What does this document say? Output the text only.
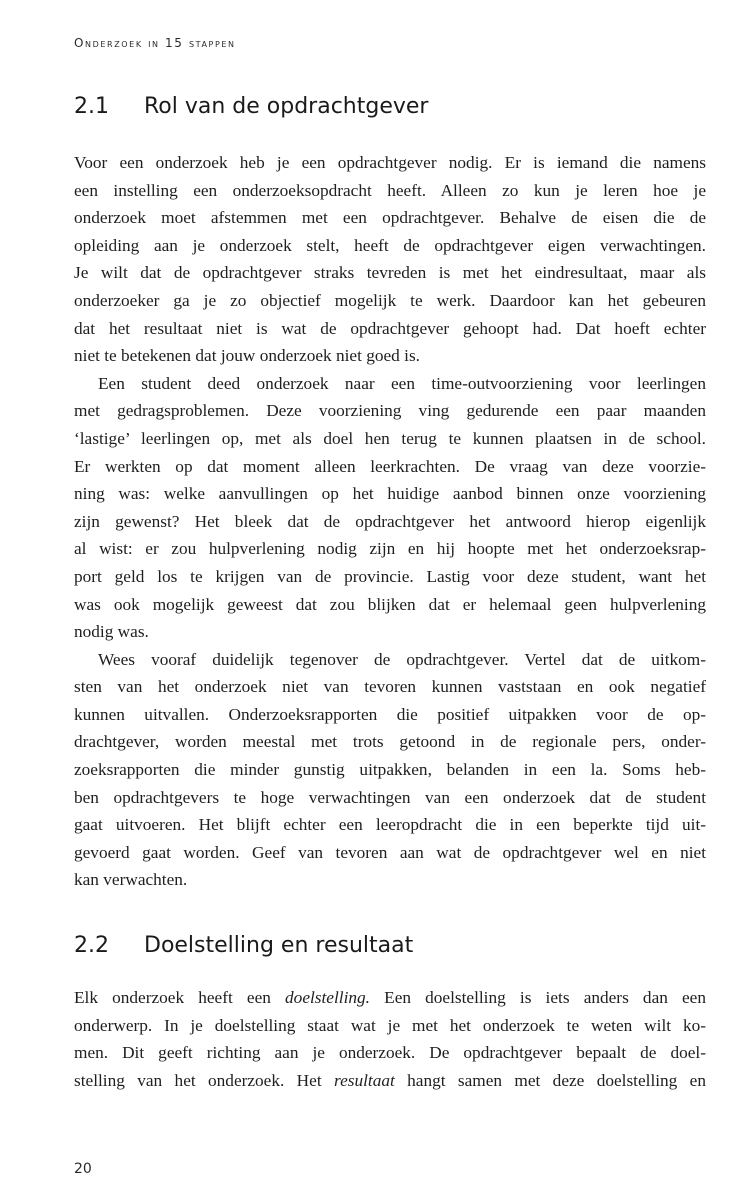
Onderzoek in 15 stappen
2.1 Rol van de opdrachtgever
Voor een onderzoek heb je een opdrachtgever nodig. Er is iemand die namens
een instelling een onderzoeksopdracht heeft. Alleen zo kun je leren hoe je
onderzoek moet afstemmen met een opdrachtgever. Behalve de eisen die de
opleiding aan je onderzoek stelt, heeft de opdrachtgever eigen verwachtingen.
Je wilt dat de opdrachtgever straks tevreden is met het eindresultaat, maar als
onderzoeker ga je zo objectief mogelijk te werk. Daardoor kan het gebeuren
dat het resultaat niet is wat de opdrachtgever gehoopt had. Dat hoeft echter
niet te betekenen dat jouw onderzoek niet goed is.
Een student deed onderzoek naar een time-outvoorziening voor leerlingen
met gedragsproblemen. Deze voorziening ving gedurende een paar maanden
‘lastige’ leerlingen op, met als doel hen terug te kunnen plaatsen in de school.
Er werkten op dat moment alleen leerkrachten. De vraag van deze voorzie-
ning was: welke aanvullingen op het huidige aanbod binnen onze voorziening
zijn gewenst? Het bleek dat de opdrachtgever het antwoord hierop eigenlijk
al wist: er zou hulpverlening nodig zijn en hij hoopte met het onderzoeksrap-
port geld los te krijgen van de provincie. Lastig voor deze student, want het
was ook mogelijk geweest dat zou blijken dat er helemaal geen hulpverlening
nodig was.
Wees vooraf duidelijk tegenover de opdrachtgever. Vertel dat de uitkom-
sten van het onderzoek niet van tevoren kunnen vaststaan en ook negatief
kunnen uitvallen. Onderzoeksrapporten die positief uitpakken voor de op-
drachtgever, worden meestal met trots getoond in de regionale pers, onder-
zoeksrapporten die minder gunstig uitpakken, belanden in een la. Soms heb-
ben opdrachtgevers te hoge verwachtingen van een onderzoek dat de student
gaat uitvoeren. Het blijft echter een leeropdracht die in een beperkte tijd uit-
gevoerd gaat worden. Geef van tevoren aan wat de opdrachtgever wel en niet
kan verwachten.
2.2 Doelstelling en resultaat
Elk onderzoek heeft een doelstelling. Een doelstelling is iets anders dan een
onderwerp. In je doelstelling staat wat je met het onderzoek te weten wilt ko-
men. Dit geeft richting aan je onderzoek. De opdrachtgever bepaalt de doel-
stelling van het onderzoek. Het resultaat hangt samen met deze doelstelling en
20
